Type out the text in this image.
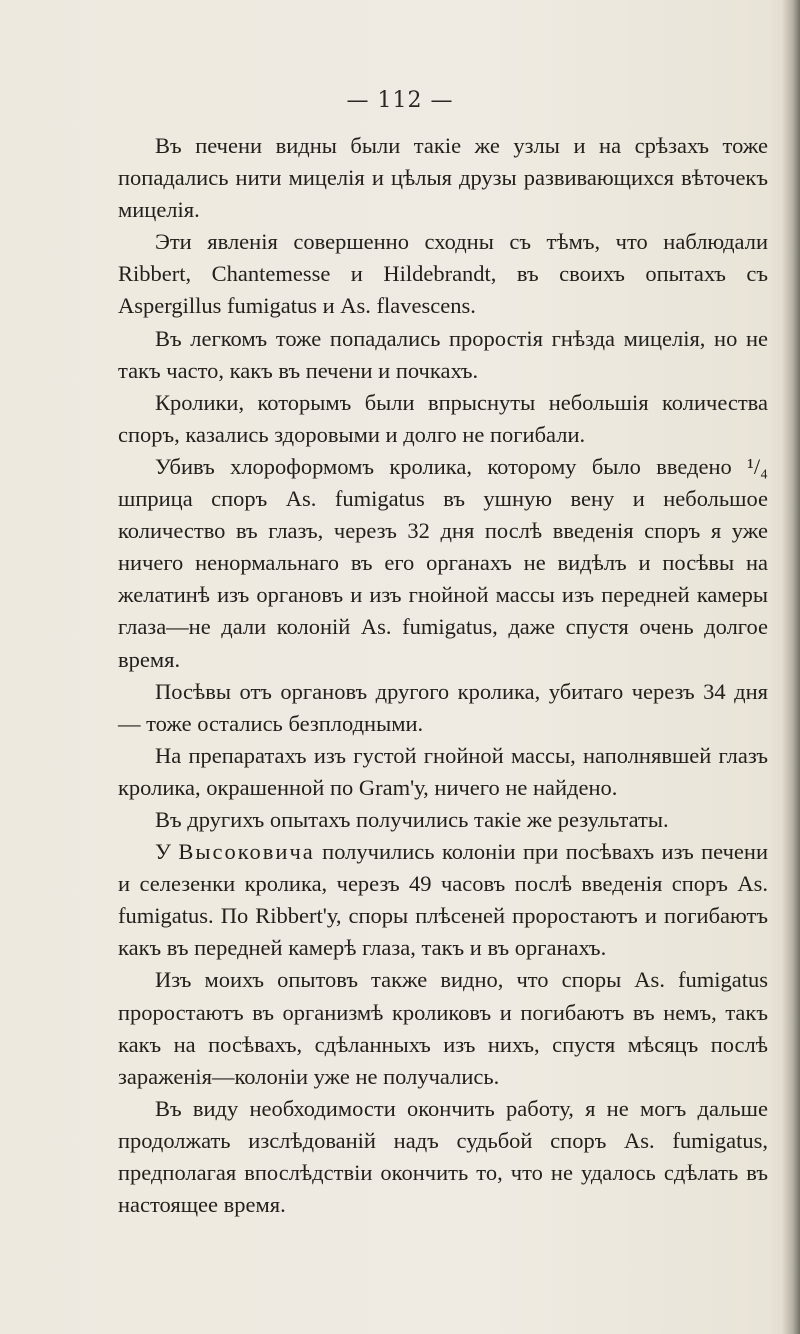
— 112 —

Въ печени видны были такіе же узлы и на срѣзахъ тоже попадались нити мицелія и цѣлыя друзы развивающихся вѣточекъ мицелія.

Эти явленія совершенно сходны съ тѣмъ, что наблюдали Ribbert, Chantemesse и Hildebrandt, въ своихъ опытахъ съ Aspergillus fumigatus и As. flavescens.

Въ легкомъ тоже попадались проростія гнѣзда мицелія, но не такъ часто, какъ въ печени и почкахъ.

Кролики, которымъ были впрыснуты небольшія количества споръ, казались здоровыми и долго не погибали.

Убивъ хлороформомъ кролика, которому было введено ¹/₄ шприца споръ As. fumigatus въ ушную вену и небольшое количество въ глазъ, черезъ 32 дня послѣ введенія споръ я уже ничего ненормальнаго въ его органахъ не видѣлъ и посѣвы на желатинѣ изъ органовъ и изъ гнойной массы изъ передней камеры глаза—не дали колоній As. fumigatus, даже спустя очень долгое время.

Посѣвы отъ органовъ другого кролика, убитаго черезъ 34 дня — тоже остались безплодными.

На препаратахъ изъ густой гнойной массы, наполнявшей глазъ кролика, окрашенной по Gram'у, ничего не найдено.

Въ другихъ опытахъ получились такіе же результаты.

У Высоковича получились колоніи при посѣвахъ изъ печени и селезенки кролика, черезъ 49 часовъ послѣ введенія споръ As. fumigatus. По Ribbert'у, споры плѣсеней проростаютъ и погибаютъ какъ въ передней камерѣ глаза, такъ и въ органахъ.

Изъ моихъ опытовъ также видно, что споры As. fumigatus проростаютъ въ организмѣ кроликовъ и погибаютъ въ немъ, такъ какъ на посѣвахъ, сдѣланныхъ изъ нихъ, спустя мѣсяцъ послѣ зараженія—колоніи уже не получались.

Въ виду необходимости окончить работу, я не могъ дальше продолжать изслѣдованій надъ судьбой споръ As. fumigatus, предполагая впослѣдствіи окончить то, что не удалось сдѣлать въ настоящее время.
